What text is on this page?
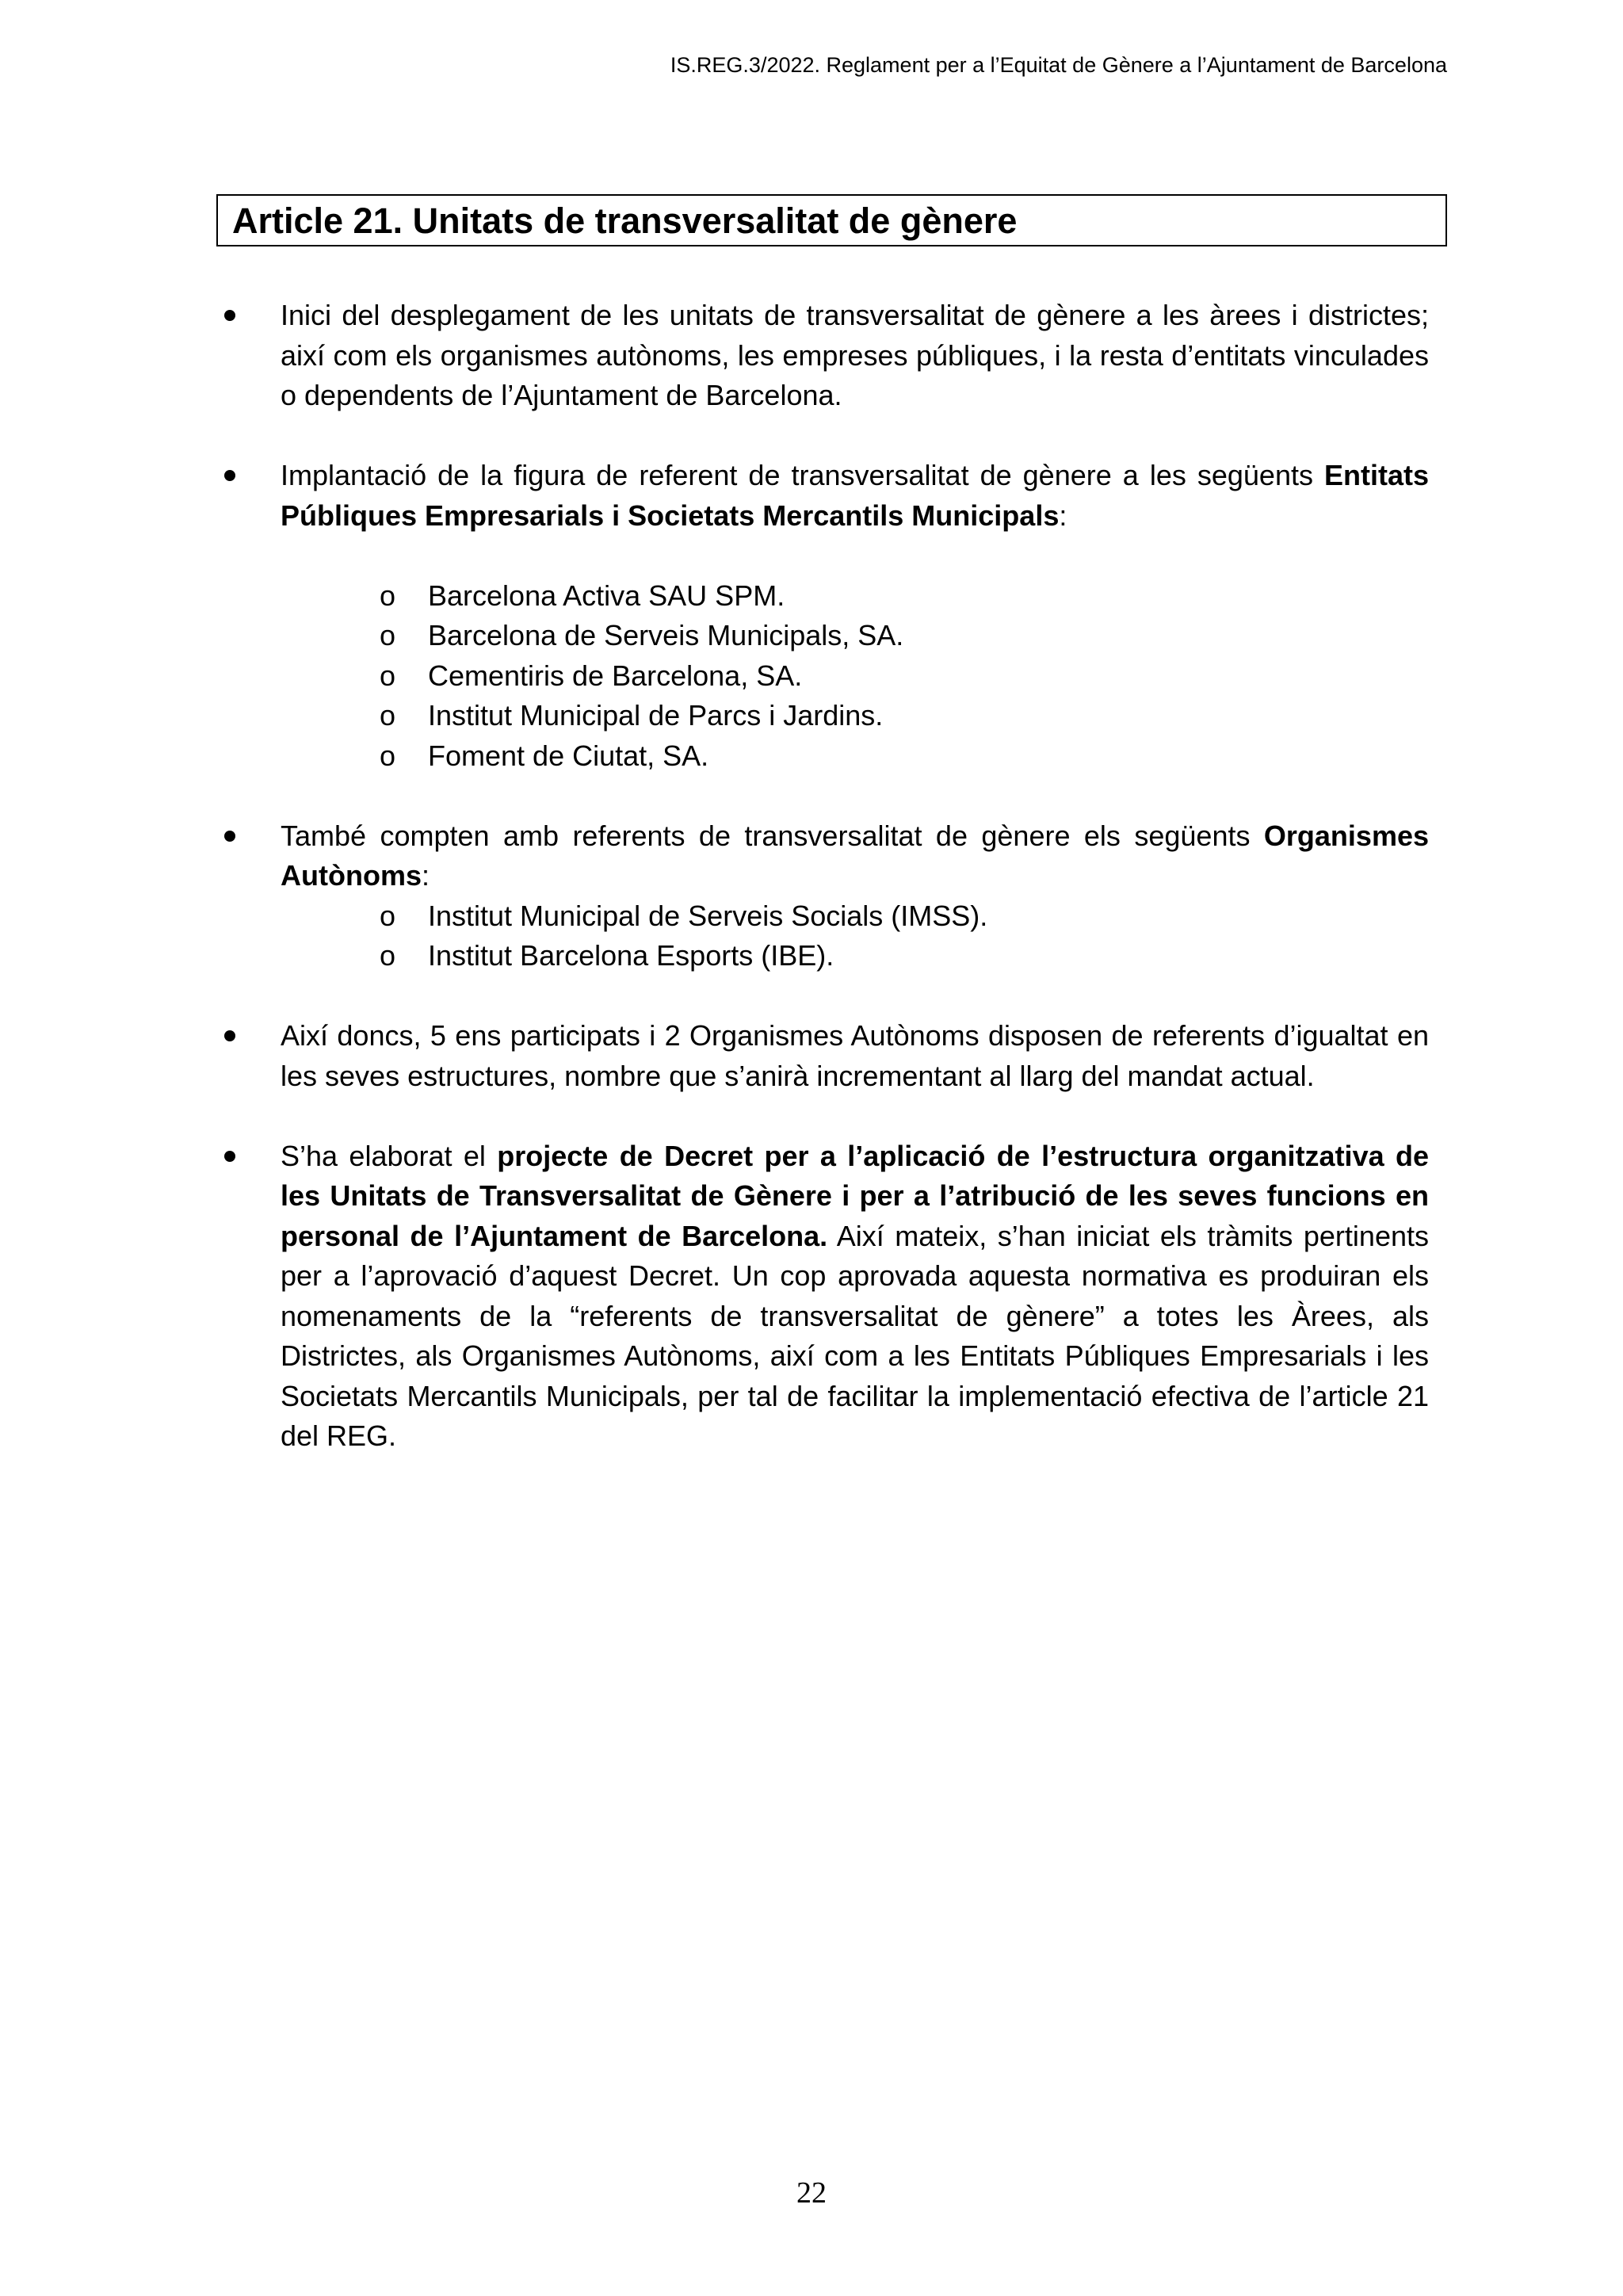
IS.REG.3/2022. Reglament per a l’Equitat de Gènere a l’Ajuntament de Barcelona
Article 21. Unitats de transversalitat de gènere
Inici del desplegament de les unitats de transversalitat de gènere a les àrees i districtes; així com els organismes autònoms, les empreses públiques, i la resta d’entitats vinculades o dependents de l’Ajuntament de Barcelona.
Implantació de la figura de referent de transversalitat de gènere a les següents Entitats Públiques Empresarials i Societats Mercantils Municipals:
o Barcelona Activa SAU SPM.
o Barcelona de Serveis Municipals, SA.
o Cementiris de Barcelona, SA.
o Institut Municipal de Parcs i Jardins.
o Foment de Ciutat, SA.
També compten amb referents de transversalitat de gènere els següents Organismes Autònoms:
o Institut Municipal de Serveis Socials (IMSS).
o Institut Barcelona Esports (IBE).
Així doncs, 5 ens participats i 2 Organismes Autònoms disposen de referents d’igualtat en les seves estructures, nombre que s’anirà incrementant al llarg del mandat actual.
S’ha elaborat el projecte de Decret per a l’aplicació de l’estructura organitzativa de les Unitats de Transversalitat de Gènere i per a l’atribució de les seves funcions en personal de l’Ajuntament de Barcelona. Així mateix, s’han iniciat els tràmits pertinents per a l’aprovació d’aquest Decret. Un cop aprovada aquesta normativa es produiran els nomenaments de la “referents de transversalitat de gènere” a totes les Àrees, als Districtes, als Organismes Autònoms, així com a les Entitats Públiques Empresarials i les Societats Mercantils Municipals, per tal de facilitar la implementació efectiva de l’article 21 del REG.
22
